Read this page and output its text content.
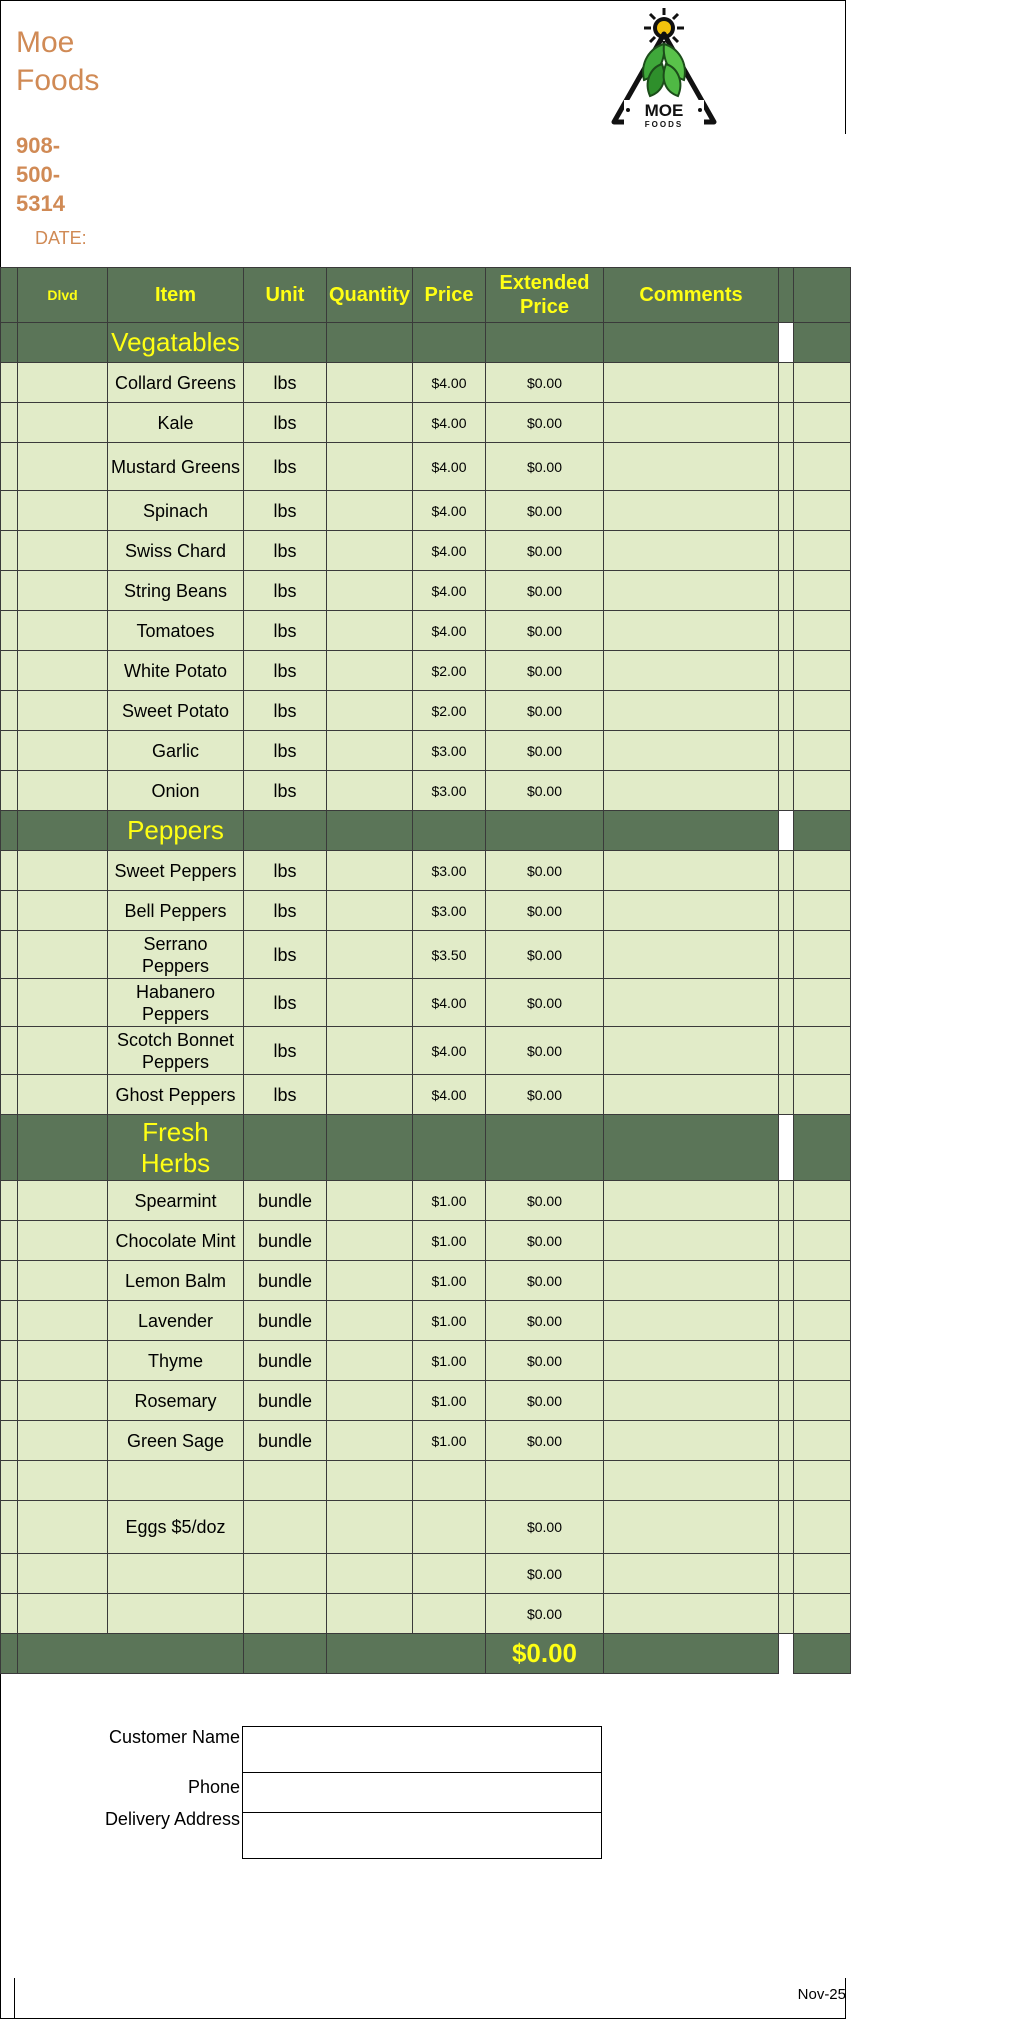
Moe Foods
908-500-5314
DATE:
MOE
FOODS
	Dlvd	Item	Unit	Quantity	Price	Extended Price	Comments		
		Vegatables							
		Collard Greens	lbs		$4.00	$0.00			
		Kale	lbs		$4.00	$0.00			
		Mustard Greens	lbs		$4.00	$0.00			
		Spinach	lbs		$4.00	$0.00			
		Swiss Chard	lbs		$4.00	$0.00			
		String Beans	lbs		$4.00	$0.00			
		Tomatoes	lbs		$4.00	$0.00			
		White Potato	lbs		$2.00	$0.00			
		Sweet Potato	lbs		$2.00	$0.00			
		Garlic	lbs		$3.00	$0.00			
		Onion	lbs		$3.00	$0.00			
		Peppers							
		Sweet Peppers	lbs		$3.00	$0.00			
		Bell Peppers	lbs		$3.00	$0.00			
		Serrano Peppers	lbs		$3.50	$0.00			
		Habanero Peppers	lbs		$4.00	$0.00			
		Scotch Bonnet Peppers	lbs		$4.00	$0.00			
		Ghost Peppers	lbs		$4.00	$0.00			
		Fresh Herbs							
		Spearmint	bundle		$1.00	$0.00			
		Chocolate Mint	bundle		$1.00	$0.00			
		Lemon Balm	bundle		$1.00	$0.00			
		Lavender	bundle		$1.00	$0.00			
		Thyme	bundle		$1.00	$0.00			
		Rosemary	bundle		$1.00	$0.00			
		Green Sage	bundle		$1.00	$0.00			

		Eggs $5/doz				$0.00			
						$0.00			
						$0.00			
						$0.00			
Customer Name
Phone
Delivery Address
Nov-25
